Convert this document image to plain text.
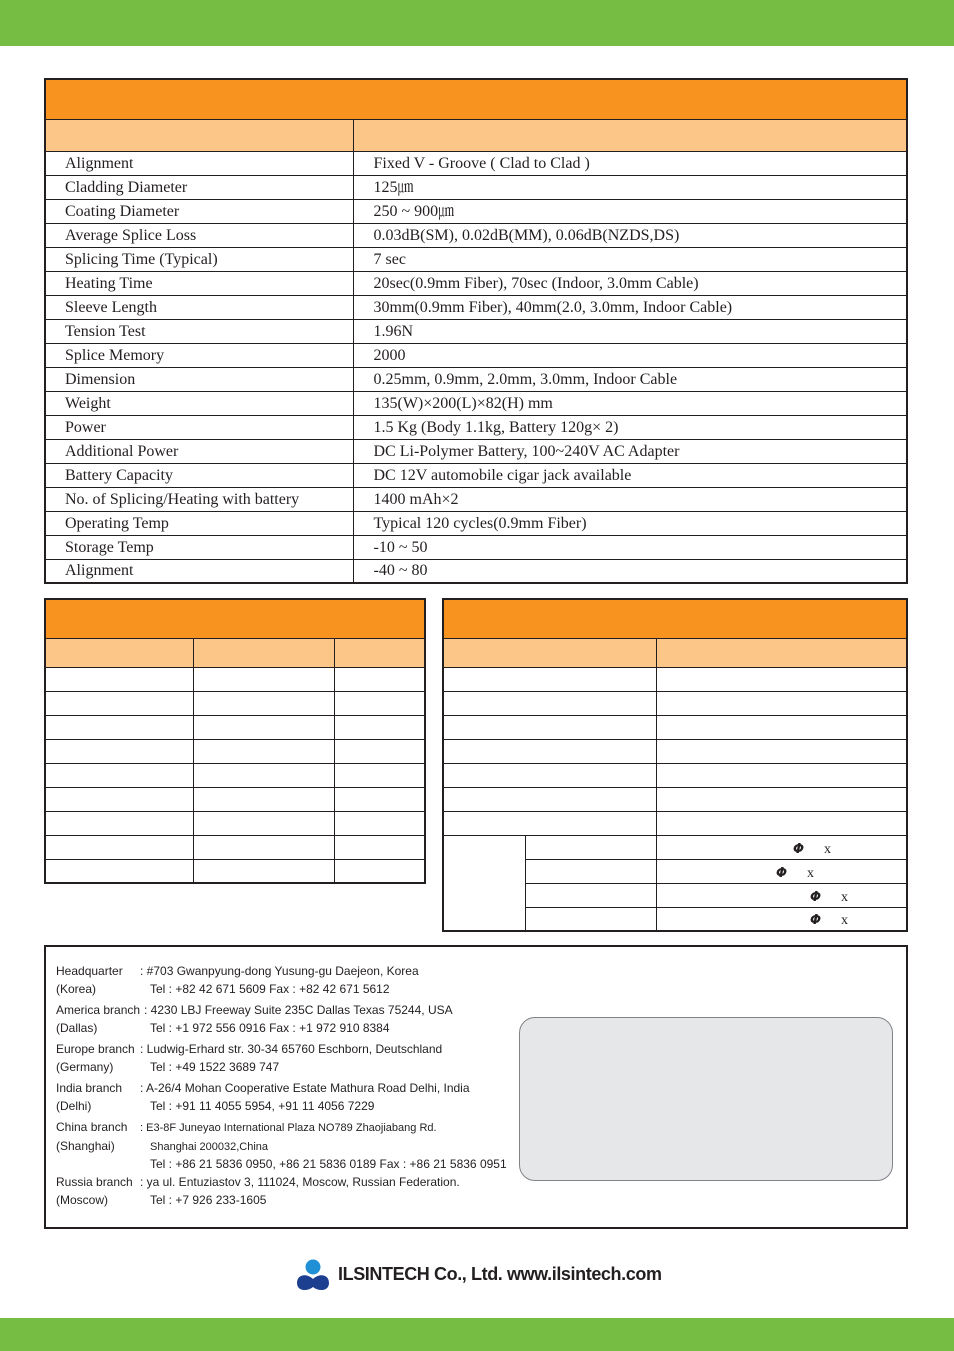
Alignment	Fixed V - Groove ( Clad to Clad )
Cladding Diameter	125㎛
Coating Diameter	250 ~ 900㎛
Average Splice Loss	0.03dB(SM), 0.02dB(MM), 0.06dB(NZDS,DS)
Splicing Time (Typical)	7 sec
Heating Time	20sec(0.9mm Fiber), 70sec (Indoor, 3.0mm Cable)
Sleeve Length	30mm(0.9mm Fiber), 40mm(2.0, 3.0mm, Indoor Cable)
Tension Test	1.96N
Splice Memory	2000
Dimension	0.25mm, 0.9mm, 2.0mm, 3.0mm, Indoor Cable
Weight	135(W)×200(L)×82(H) mm
Power	1.5 Kg (Body 1.1kg, Battery 120g× 2)
Additional Power	DC Li-Polymer Battery, 100~240V AC Adapter
Battery Capacity	DC 12V automobile cigar jack available
No. of Splicing/Heating with battery	1400 mAh×2
Operating Temp	Typical 120 cycles(0.9mm Fiber)
Storage Temp	-10 ~ 50
Alignment	-40 ~ 80

		Φ x
		Φ x
		Φ x
		Φ x
Headquarter : #703 Gwanpyung-dong Yusung-gu Daejeon, Korea
(Korea)	Tel : +82 42 671 5609 Fax : +82 42 671 5612
America branch : 4230 LBJ Freeway Suite 235C Dallas Texas 75244, USA
(Dallas)	Tel : +1 972 556 0916 Fax : +1 972 910 8384
Europe branch : Ludwig-Erhard str. 30-34 65760 Eschborn, Deutschland
(Germany)	Tel : +49 1522 3689 747
India branch : A-26/4 Mohan Cooperative Estate Mathura Road Delhi, India
(Delhi)	Tel : +91 11 4055 5954, +91 11 4056 7229
China branch : E3-8F Juneyao International Plaza NO789 Zhaojiabang Rd.
(Shanghai)	Shanghai 200032,China
Tel : +86 21 5836 0950, +86 21 5836 0189 Fax : +86 21 5836 0951
Russia branch : ya ul. Entuziastov 3, 111024, Moscow, Russian Federation.
(Moscow)	Tel : +7 926 233-1605
ILSINTECH Co., Ltd. www.ilsintech.com
